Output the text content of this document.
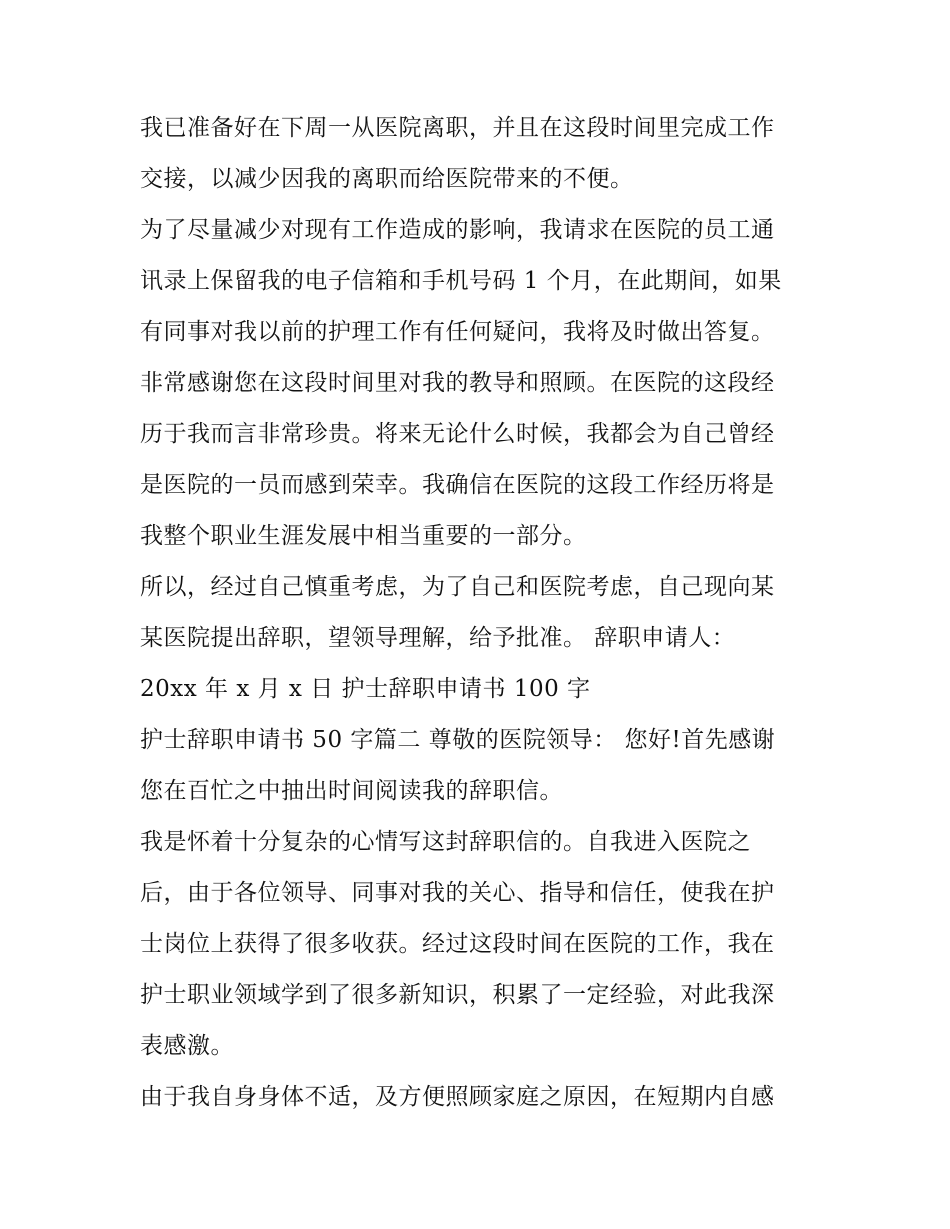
我已准备好在下周一从医院离职，并且在这段时间里完成工作
交接，以减少因我的离职而给医院带来的不便。
为了尽量减少对现有工作造成的影响，我请求在医院的员工通
讯录上保留我的电子信箱和手机号码 1 个月，在此期间，如果
有同事对我以前的护理工作有任何疑问，我将及时做出答复。
非常感谢您在这段时间里对我的教导和照顾。在医院的这段经
历于我而言非常珍贵。将来无论什么时候，我都会为自己曾经
是医院的一员而感到荣幸。我确信在医院的这段工作经历将是
我整个职业生涯发展中相当重要的一部分。
所以，经过自己慎重考虑，为了自己和医院考虑，自己现向某
某医院提出辞职，望领导理解，给予批准。 辞职申请人：
20xx 年 x 月 x 日 护士辞职申请书 100 字
护士辞职申请书 50 字篇二 尊敬的医院领导： 您好!首先感谢
您在百忙之中抽出时间阅读我的辞职信。
我是怀着十分复杂的心情写这封辞职信的。自我进入医院之
后，由于各位领导、同事对我的关心、指导和信任，使我在护
士岗位上获得了很多收获。经过这段时间在医院的工作，我在
护士职业领域学到了很多新知识，积累了一定经验，对此我深
表感激。
由于我自身身体不适，及方便照顾家庭之原因，在短期内自感
